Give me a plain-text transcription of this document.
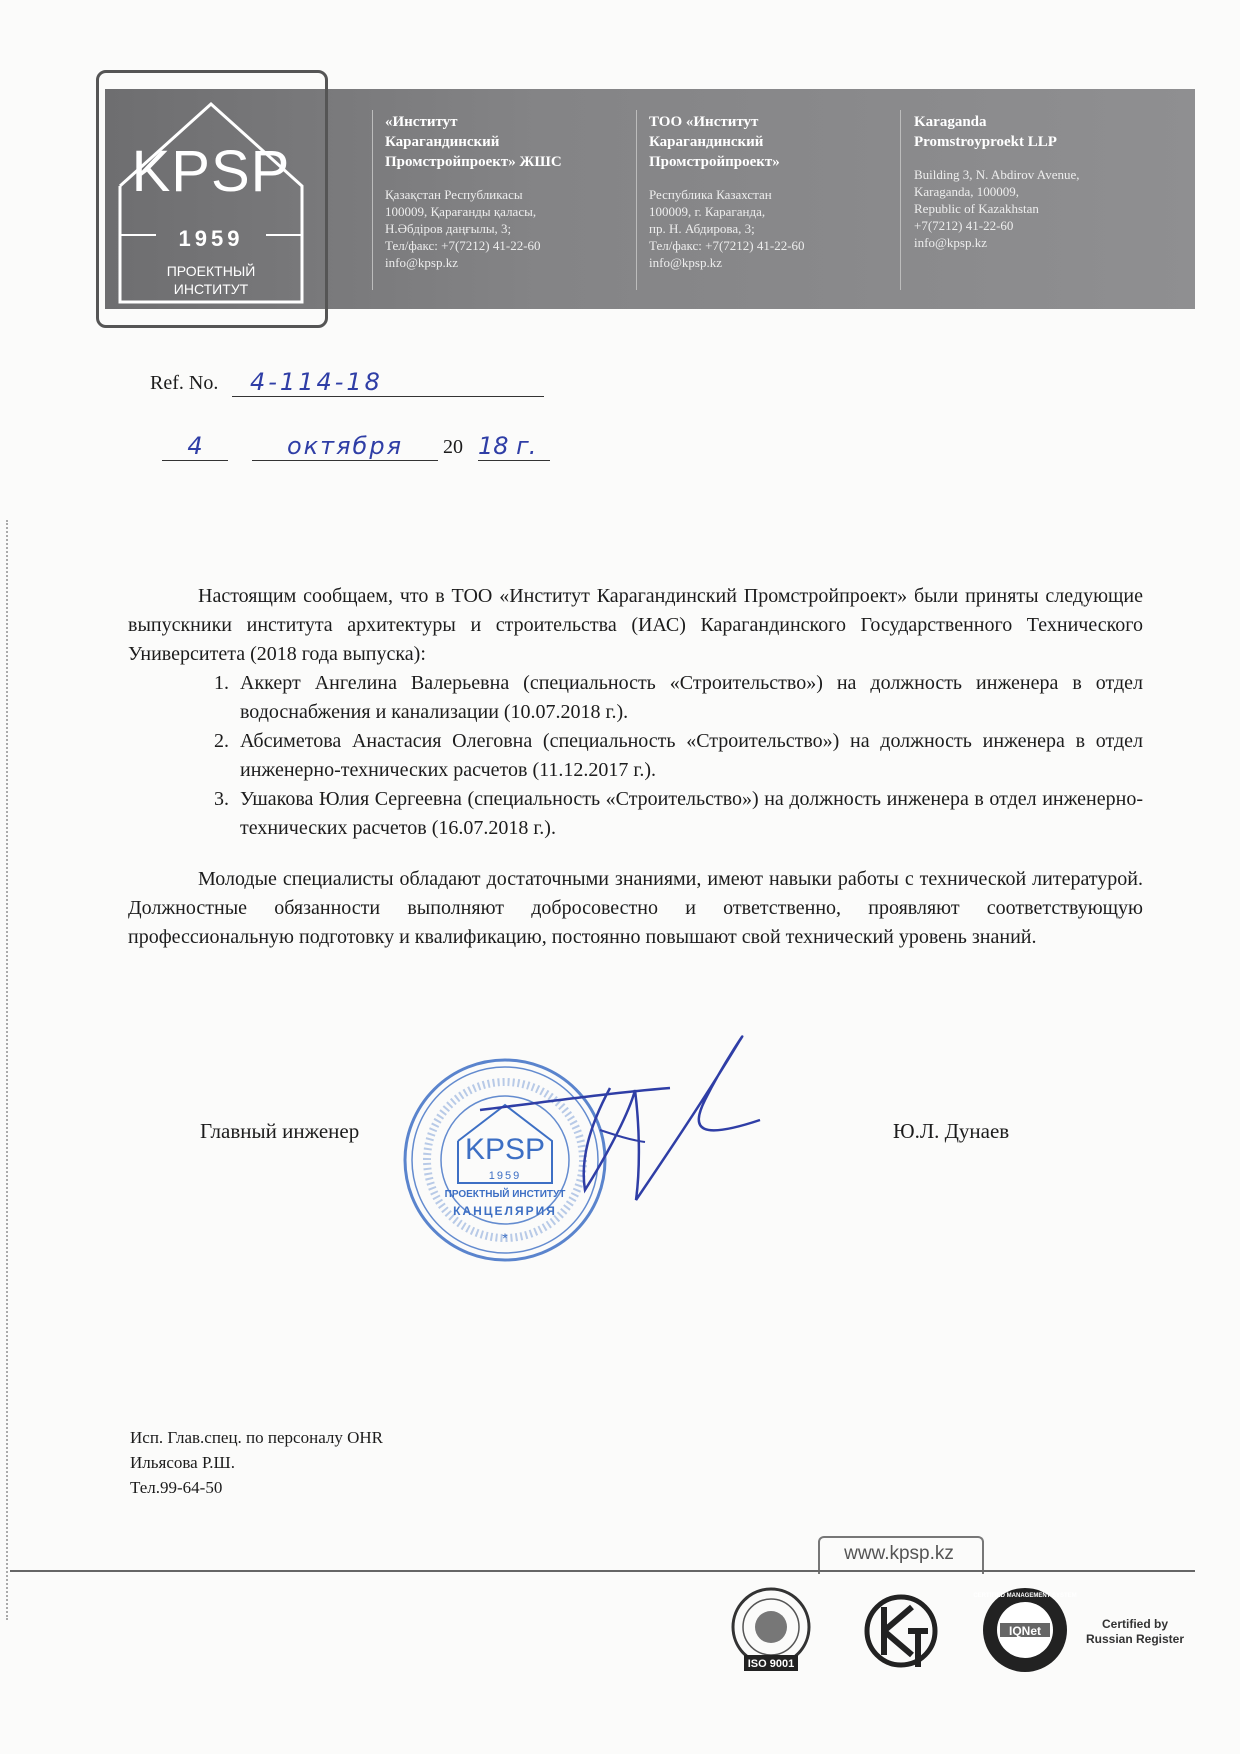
KPSP
1959
ПРОЕКТНЫЙ
ИНСТИТУТ
«Институт
Карагандинский
Промстройпроект» ЖШС
Қазақстан Республикасы
100009, Қарағанды қаласы,
Н.Әбдіров даңғылы, 3;
Тел/факс: +7(7212) 41-22-60
info@kpsp.kz
ТОО «Институт
Карагандинский
Промстройпроект»
Республика Казахстан
100009, г. Караганда,
пр. Н. Абдирова, 3;
Тел/факс: +7(7212) 41-22-60
info@kpsp.kz
Karaganda
Promstroyproekt LLP
Building 3, N. Abdirov Avenue,
Karaganda, 100009,
Republic of Kazakhstan
+7(7212) 41-22-60
info@kpsp.kz
Ref. No. 4-114-18
4	октября	20 18 г.

Настоящим сообщаем, что в ТОО «Институт Карагандинский Промстройпроект» были приняты следующие выпускники института архитектуры и строительства (ИАС) Карагандинского Государственного Технического Университета (2018 года выпуска):

1. Аккерт Ангелина Валерьевна (специальность «Строительство») на должность инженера в отдел водоснабжения и канализации (10.07.2018 г.).
2. Абсиметова Анастасия Олеговна (специальность «Строительство») на должность инженера в отдел инженерно-технических расчетов (11.12.2017 г.).
3. Ушакова Юлия Сергеевна (специальность «Строительство») на должность инженера в отдел инженерно-технических расчетов (16.07.2018 г.).

Молодые специалисты обладают достаточными знаниями, имеют навыки работы с технической литературой. Должностные обязанности выполняют добросовестно и ответственно, проявляют соответствующую профессиональную подготовку и квалификацию, постоянно повышают свой технический уровень знаний.

Главный инженер	Ю.Л. Дунаев
KPSP
1959
ПРОЕКТНЫЙ ИНСТИТУТ
КАНЦЕЛЯРИЯ
*
Исп. Глав.спец. по персоналу OHR
Ильясова Р.Ш.
Тел.99-64-50
www.kpsp.kz
ISO 9001
IQNet
CERTIFIED MANAGEMENT SYSTEM
Certified by
Russian Register
